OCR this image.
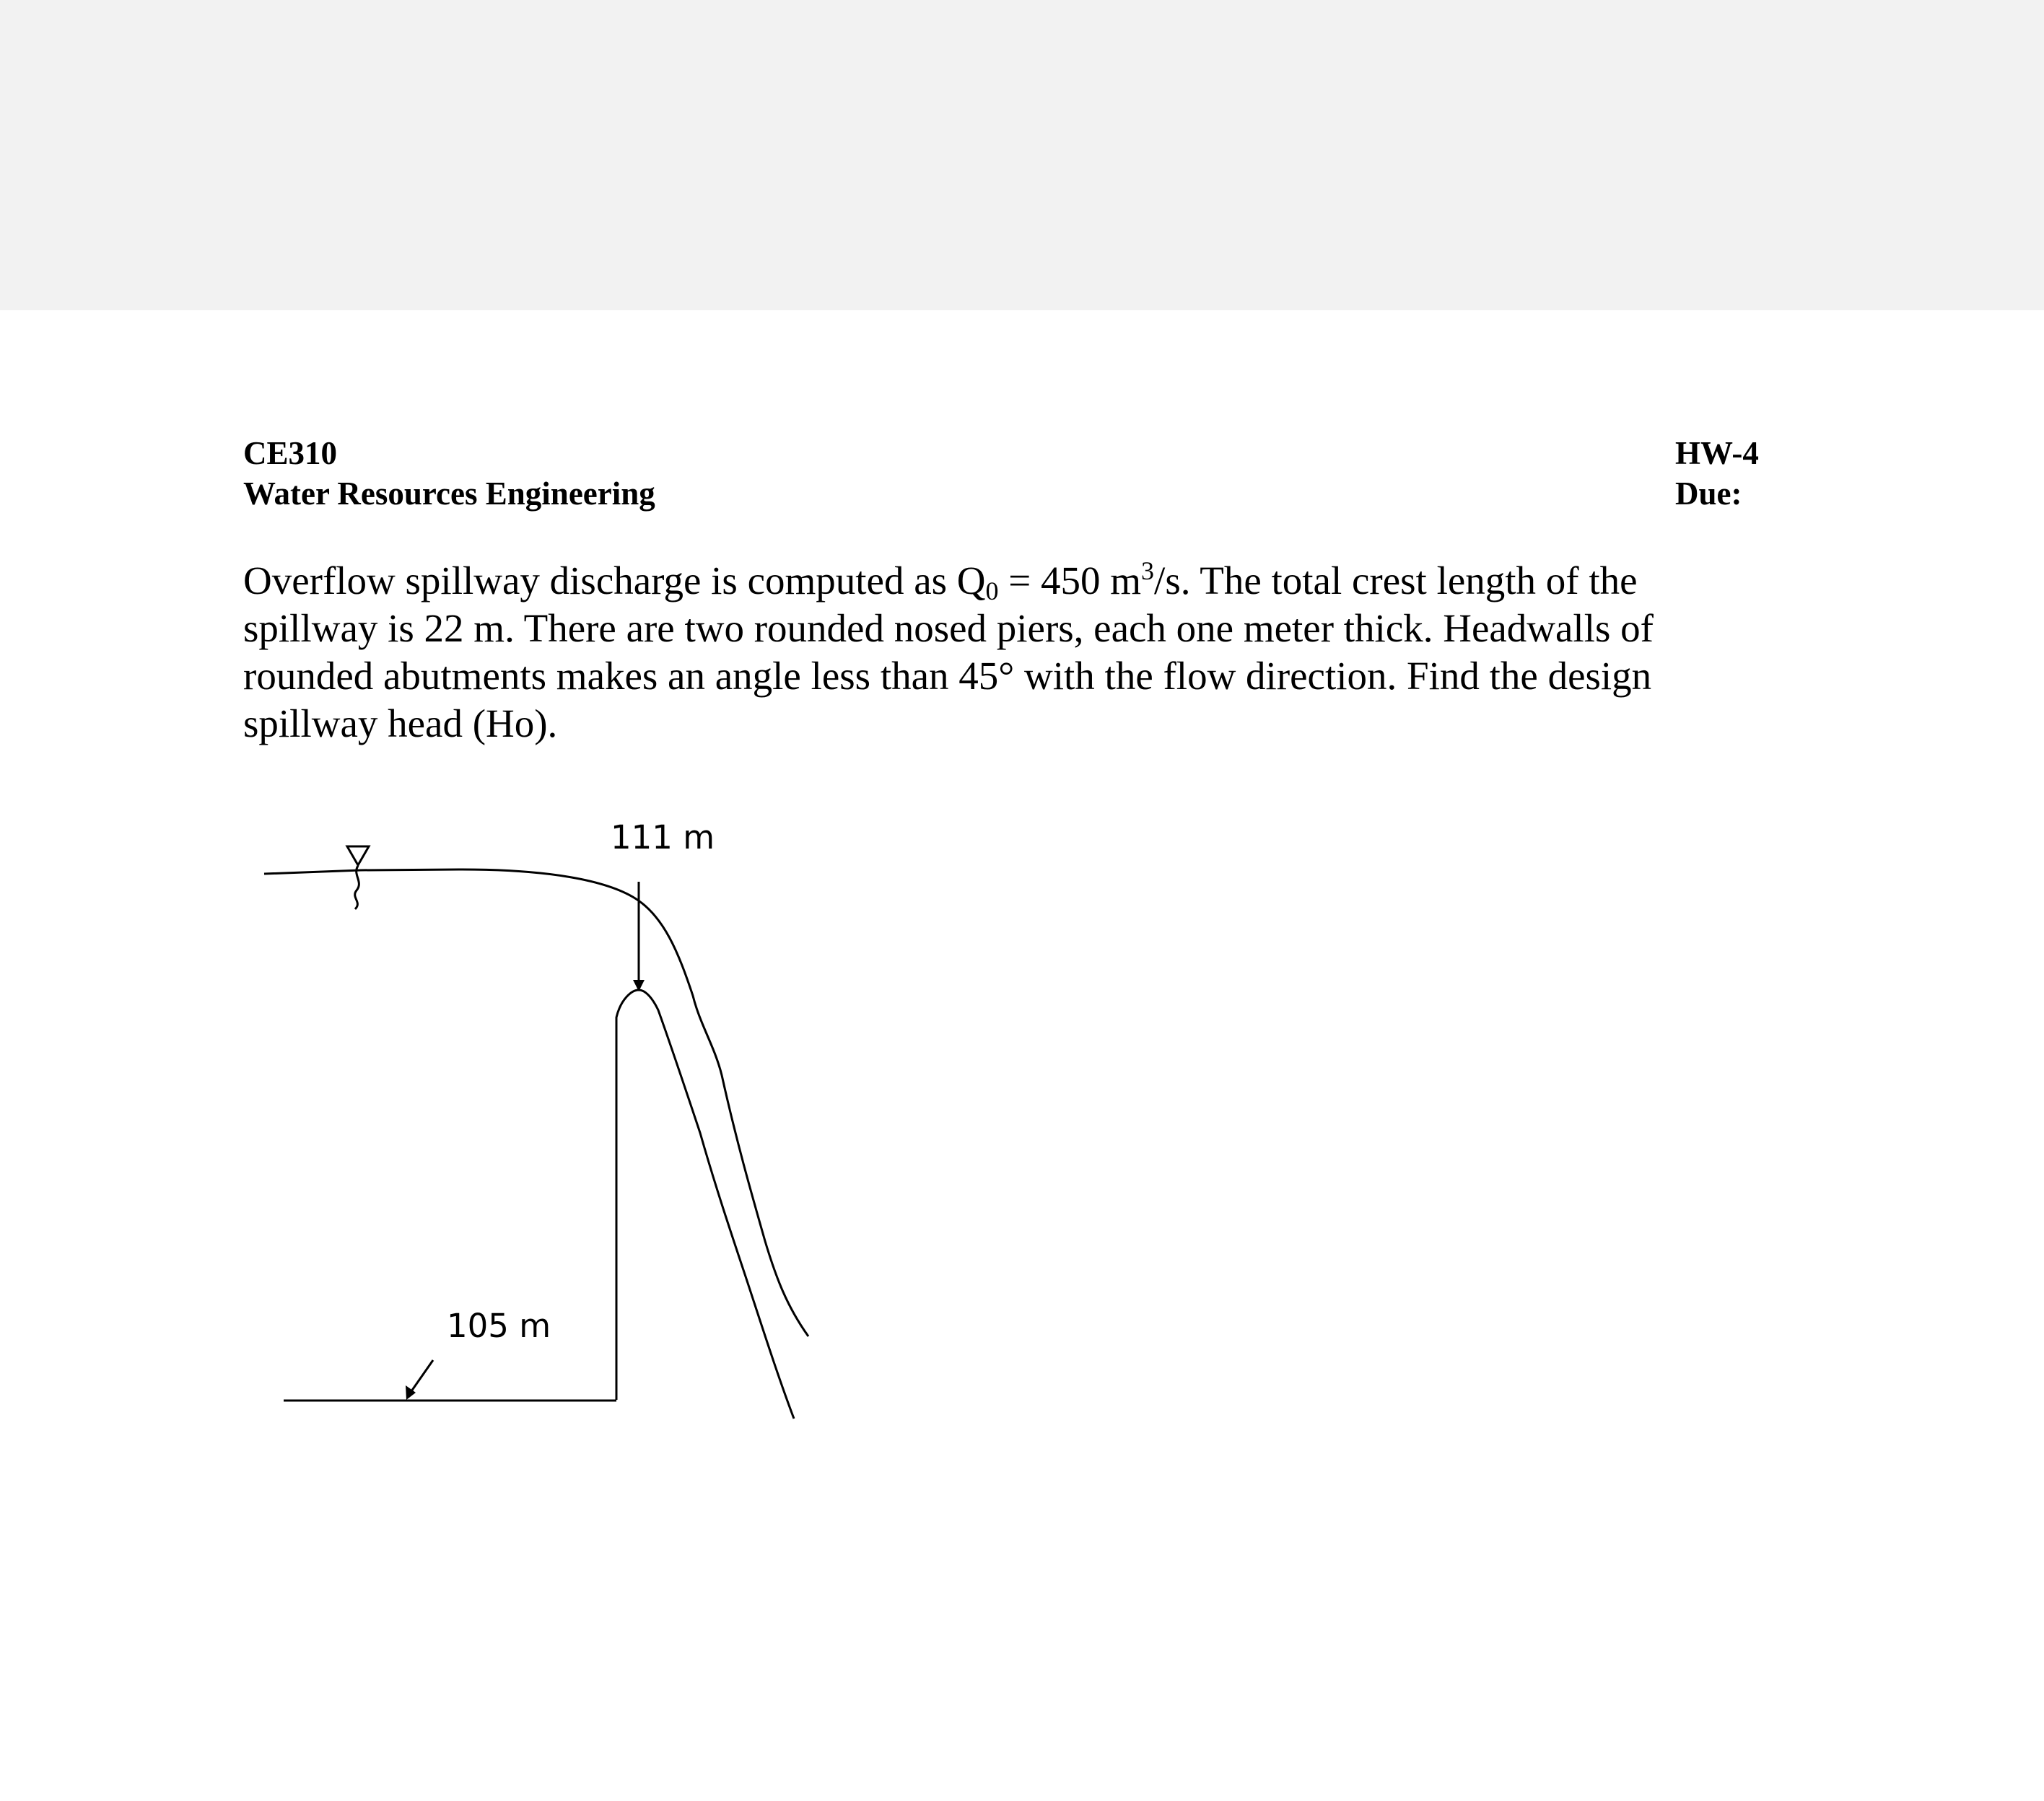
CE310
Water Resources Engineering
HW-4
Due:

Overflow spillway discharge is computed as $Q_0 = 450$ $m^3/s$. The total crest length of the spillway is 22 m. There are two rounded nosed piers, each one meter thick. Headwalls of rounded abutments makes an angle less than 45° with the flow direction. Find the design spillway head (Ho).

111 m
105 m
